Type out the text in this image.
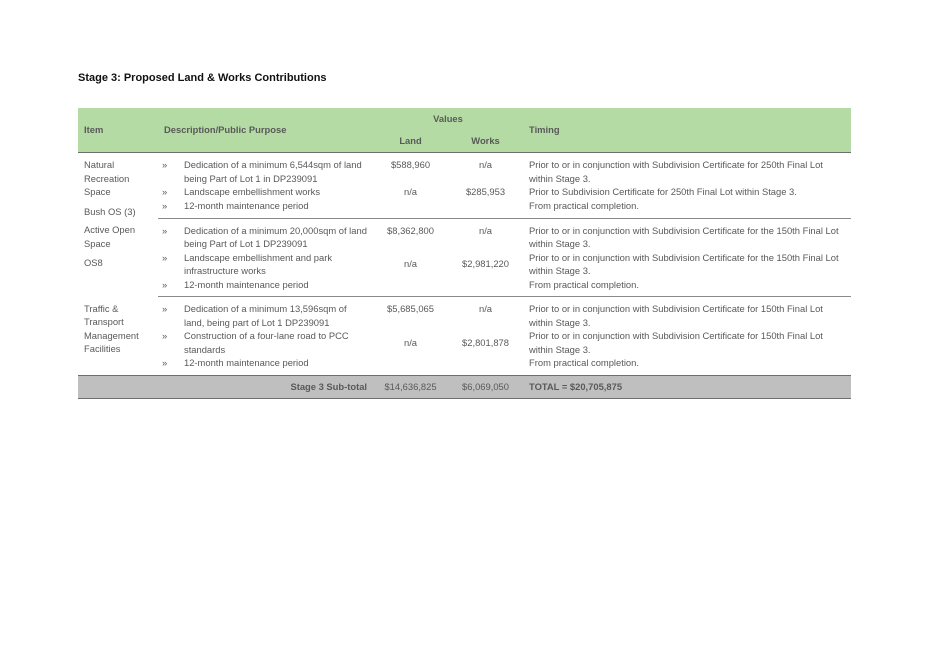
Stage 3: Proposed Land & Works Contributions
Item	Description/Public Purpose		Values		Timing
			Land	Works	

Natural Recreation Space
Bush OS (3)	»	Dedication of a minimum 6,544sqm of land being Part of Lot 1 in DP239091	$588,960	n/a	Prior to or in conjunction with Subdivision Certificate for 250th Final Lot within Stage 3.
	»	Landscape embellishment works	n/a	$285,953	Prior to Subdivision Certificate for 250th Final Lot within Stage 3.
	»	12-month maintenance period			From practical completion.

Active Open Space
OS8	»	Dedication of a minimum 20,000sqm of land being Part of Lot 1 DP239091	$8,362,800	n/a	Prior to or in conjunction with Subdivision Certificate for the 150th Final Lot within Stage 3.
	»	Landscape embellishment and park infrastructure works	n/a	$2,981,220	Prior to or in conjunction with Subdivision Certificate for the 150th Final Lot within Stage 3.
	»	12-month maintenance period			From practical completion.

Traffic & Transport Management Facilities	»	Dedication of a minimum 13,596sqm of land, being part of Lot 1 DP239091	$5,685,065	n/a	Prior to or in conjunction with Subdivision Certificate for 150th Final Lot within Stage 3.
	»	Construction of a four-lane road to PCC standards	n/a	$2,801,878	Prior to or in conjunction with Subdivision Certificate for 150th Final Lot within Stage 3.
	»	12-month maintenance period			From practical completion.
Stage 3 Sub-total			$14,636,825	$6,069,050	TOTAL = $20,705,875
